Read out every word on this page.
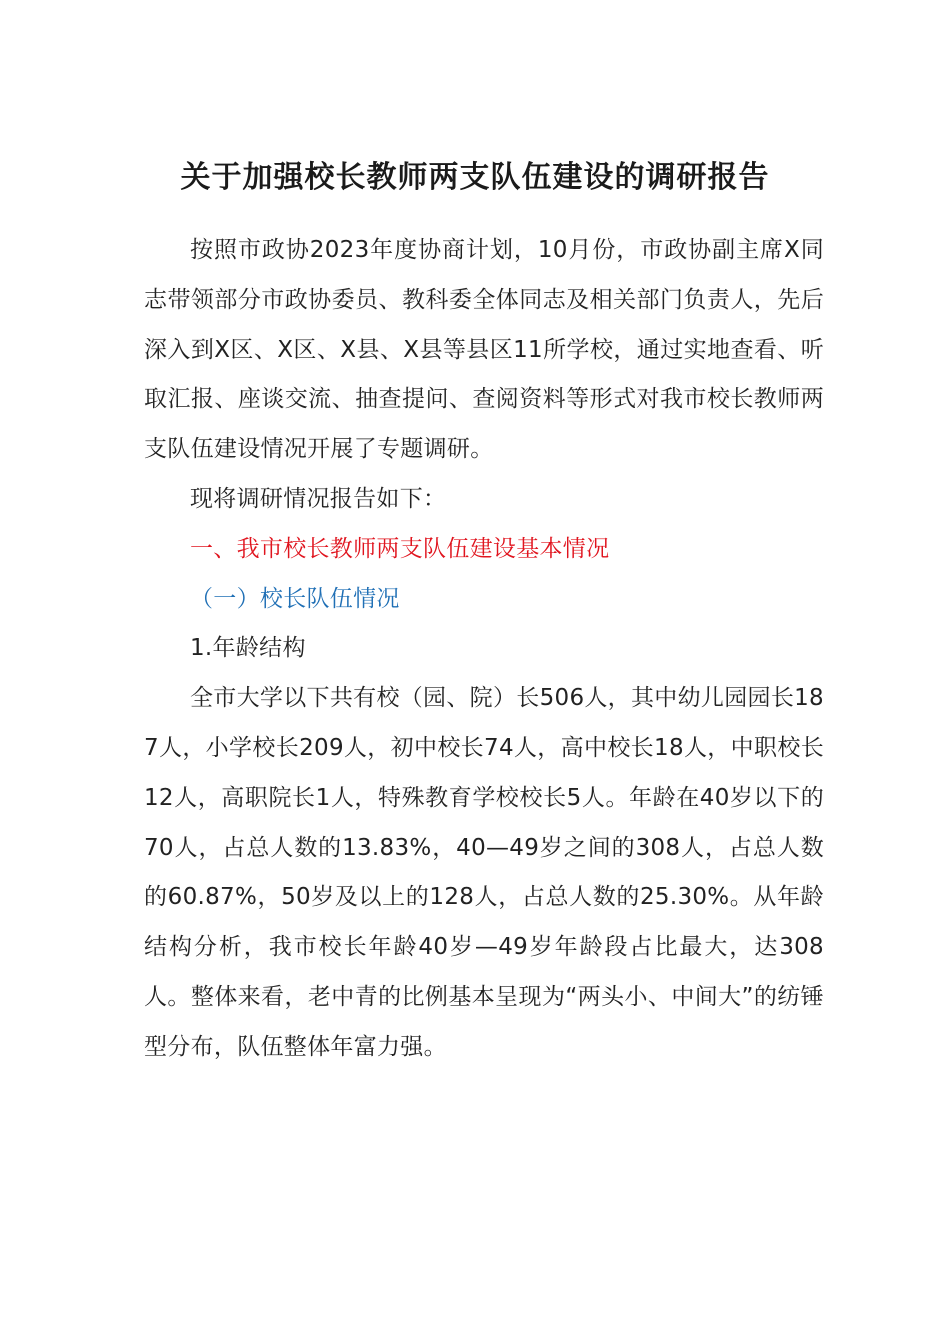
关于加强校长教师两支队伍建设的调研报告

按照市政协2023年度协商计划，10月份，市政协副主席X同志带领部分市政协委员、教科委全体同志及相关部门负责人，先后深入到X区、X区、X县、X县等县区11所学校，通过实地查看、听取汇报、座谈交流、抽查提问、查阅资料等形式对我市校长教师两支队伍建设情况开展了专题调研。

现将调研情况报告如下：

一、我市校长教师两支队伍建设基本情况

（一）校长队伍情况

1.年龄结构

全市大学以下共有校（园、院）长506人，其中幼儿园园长187人，小学校长209人，初中校长74人，高中校长18人，中职校长12人，高职院长1人，特殊教育学校校长5人。年龄在40岁以下的70人，占总人数的13.83%，40—49岁之间的308人，占总人数的60.87%，50岁及以上的128人，占总人数的25.30%。从年龄结构分析，我市校长年龄40岁—49岁年龄段占比最大，达308人。整体来看，老中青的比例基本呈现为“两头小、中间大”的纺锤型分布，队伍整体年富力强。
